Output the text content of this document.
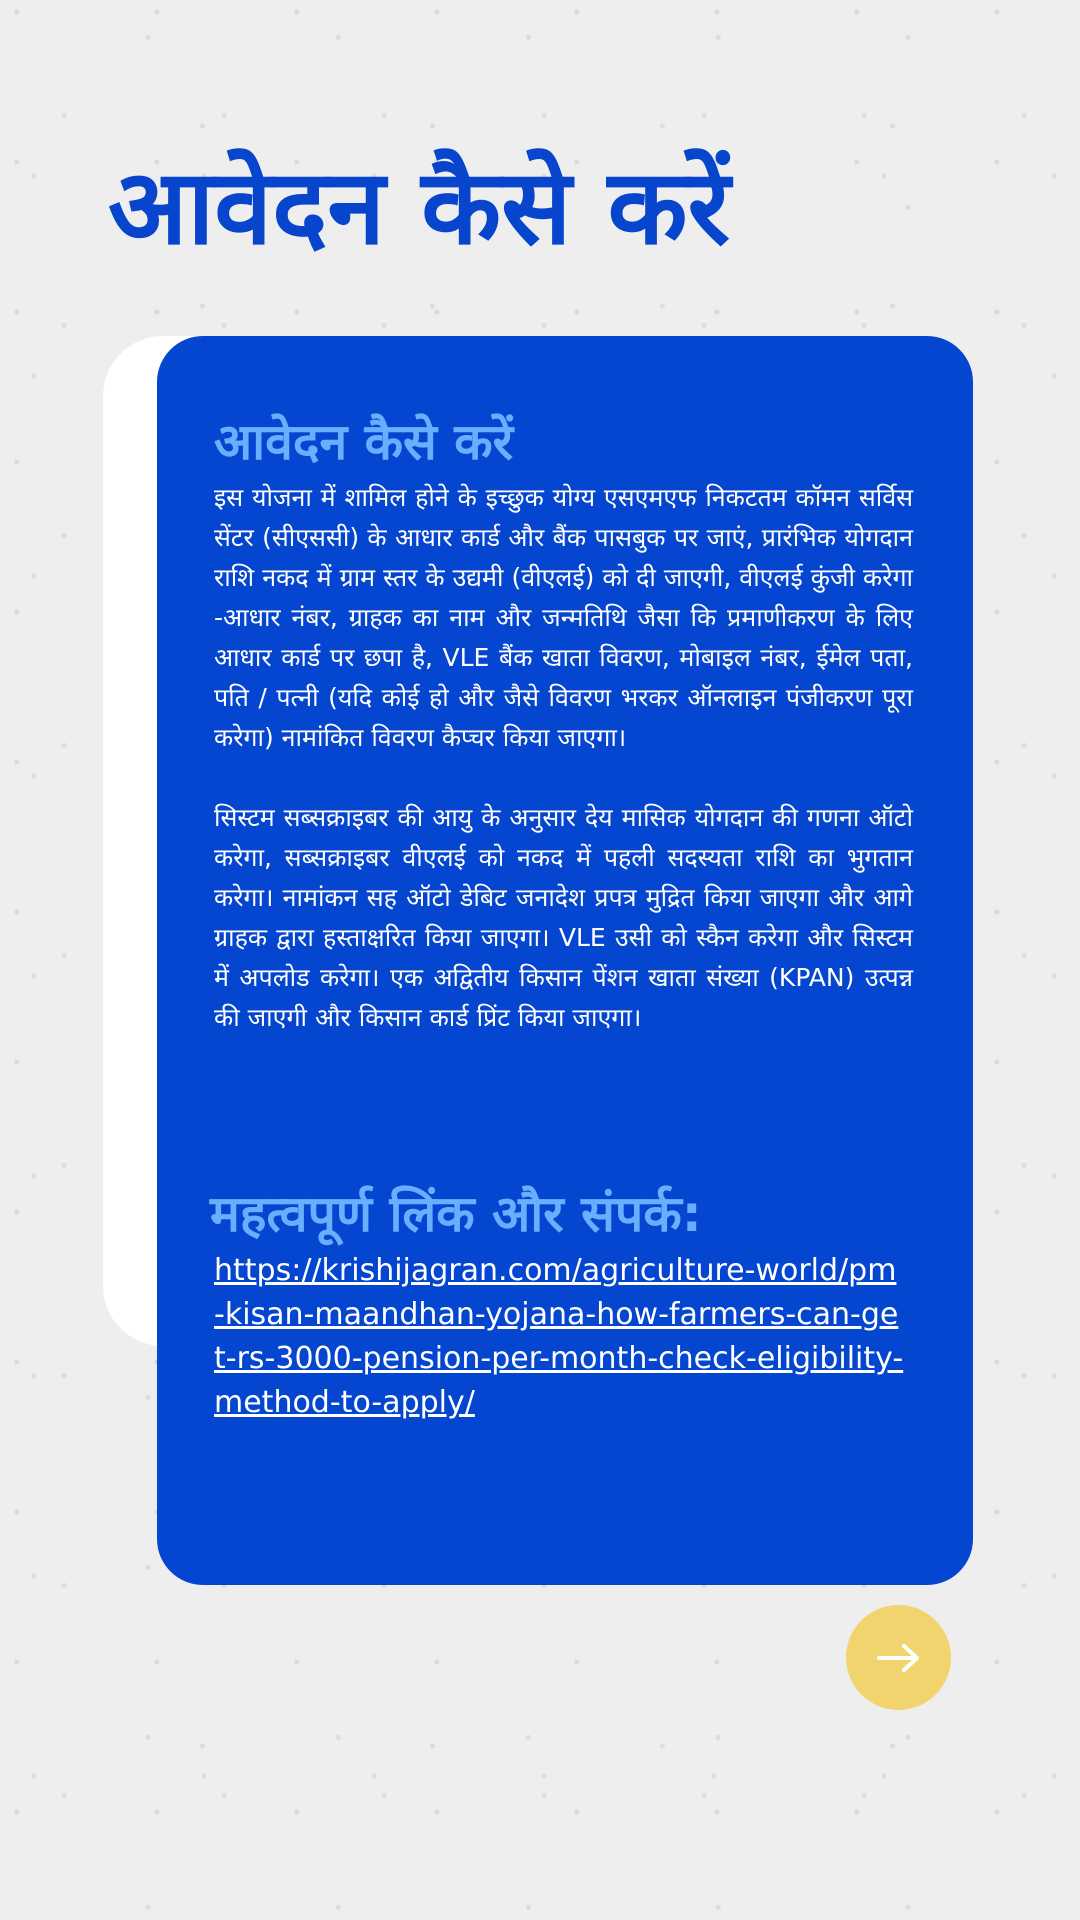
आवेदन कैसे करें
आवेदन कैसे करें

इस योजना में शामिल होने के इच्छुक योग्य एसएमएफ निकटतम कॉमन सर्विस सेंटर (सीएससी) के आधार कार्ड और बैंक पासबुक पर जाएं, प्रारंभिक योगदान राशि नकद में ग्राम स्तर के उद्यमी (वीएलई) को दी जाएगी, वीएलई कुंजी करेगा -आधार नंबर, ग्राहक का नाम और जन्मतिथि जैसा कि प्रमाणीकरण के लिए आधार कार्ड पर छपा है, VLE बैंक खाता विवरण, मोबाइल नंबर, ईमेल पता, पति / पत्नी (यदि कोई हो और जैसे विवरण भरकर ऑनलाइन पंजीकरण पूरा करेगा) नामांकित विवरण कैप्चर किया जाएगा।

सिस्टम सब्सक्राइबर की आयु के अनुसार देय मासिक योगदान की गणना ऑटो करेगा, सब्सक्राइबर वीएलई को नकद में पहली सदस्यता राशि का भुगतान करेगा। नामांकन सह ऑटो डेबिट जनादेश प्रपत्र मुद्रित किया जाएगा और आगे ग्राहक द्वारा हस्ताक्षरित किया जाएगा। VLE उसी को स्कैन करेगा और सिस्टम में अपलोड करेगा। एक अद्वितीय किसान पेंशन खाता संख्या (KPAN) उत्पन्न की जाएगी और किसान कार्ड प्रिंट किया जाएगा।

महत्वपूर्ण लिंक और संपर्क:
https://krishijagran.com/agriculture-world/pm-kisan-maandhan-yojana-how-farmers-can-get-rs-3000-pension-per-month-check-eligibility-method-to-apply/
